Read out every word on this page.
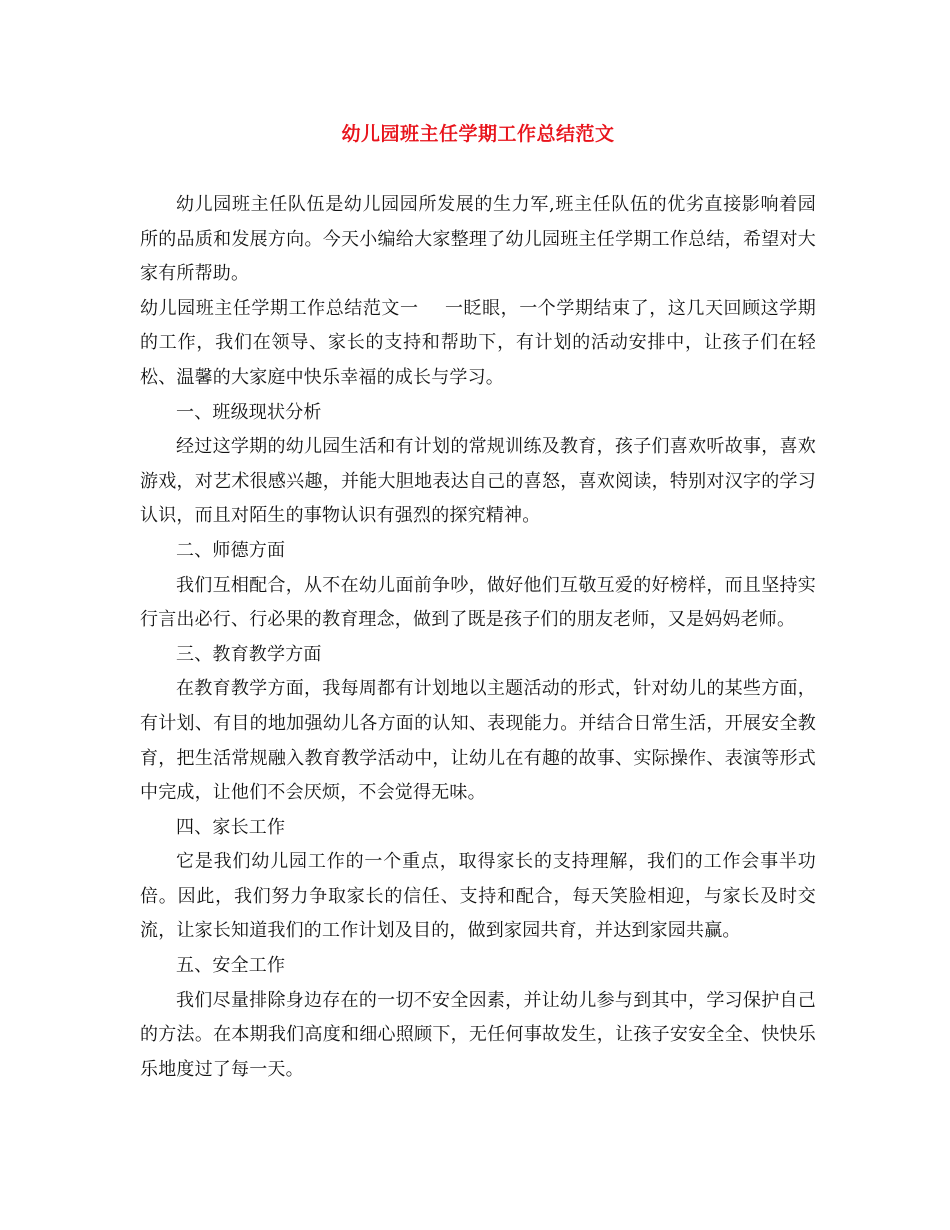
幼儿园班主任学期工作总结范文

幼儿园班主任队伍是幼儿园园所发展的生力军,班主任队伍的优劣直接影响着园所的品质和发展方向。今天小编给大家整理了幼儿园班主任学期工作总结，希望对大家有所帮助。

幼儿园班主任学期工作总结范文一 一眨眼，一个学期结束了，这几天回顾这学期的工作，我们在领导、家长的支持和帮助下，有计划的活动安排中，让孩子们在轻松、温馨的大家庭中快乐幸福的成长与学习。

一、班级现状分析

经过这学期的幼儿园生活和有计划的常规训练及教育，孩子们喜欢听故事，喜欢游戏，对艺术很感兴趣，并能大胆地表达自己的喜怒，喜欢阅读，特别对汉字的学习认识，而且对陌生的事物认识有强烈的探究精神。

二、师德方面

我们互相配合，从不在幼儿面前争吵，做好他们互敬互爱的好榜样，而且坚持实行言出必行、行必果的教育理念，做到了既是孩子们的朋友老师，又是妈妈老师。

三、教育教学方面

在教育教学方面，我每周都有计划地以主题活动的形式，针对幼儿的某些方面，有计划、有目的地加强幼儿各方面的认知、表现能力。并结合日常生活，开展安全教育，把生活常规融入教育教学活动中，让幼儿在有趣的故事、实际操作、表演等形式中完成，让他们不会厌烦，不会觉得无味。

四、家长工作

它是我们幼儿园工作的一个重点，取得家长的支持理解，我们的工作会事半功倍。因此，我们努力争取家长的信任、支持和配合，每天笑脸相迎，与家长及时交流，让家长知道我们的工作计划及目的，做到家园共育，并达到家园共赢。

五、安全工作

我们尽量排除身边存在的一切不安全因素，并让幼儿参与到其中，学习保护自己的方法。在本期我们高度和细心照顾下，无任何事故发生，让孩子安安全全、快快乐乐地度过了每一天。
